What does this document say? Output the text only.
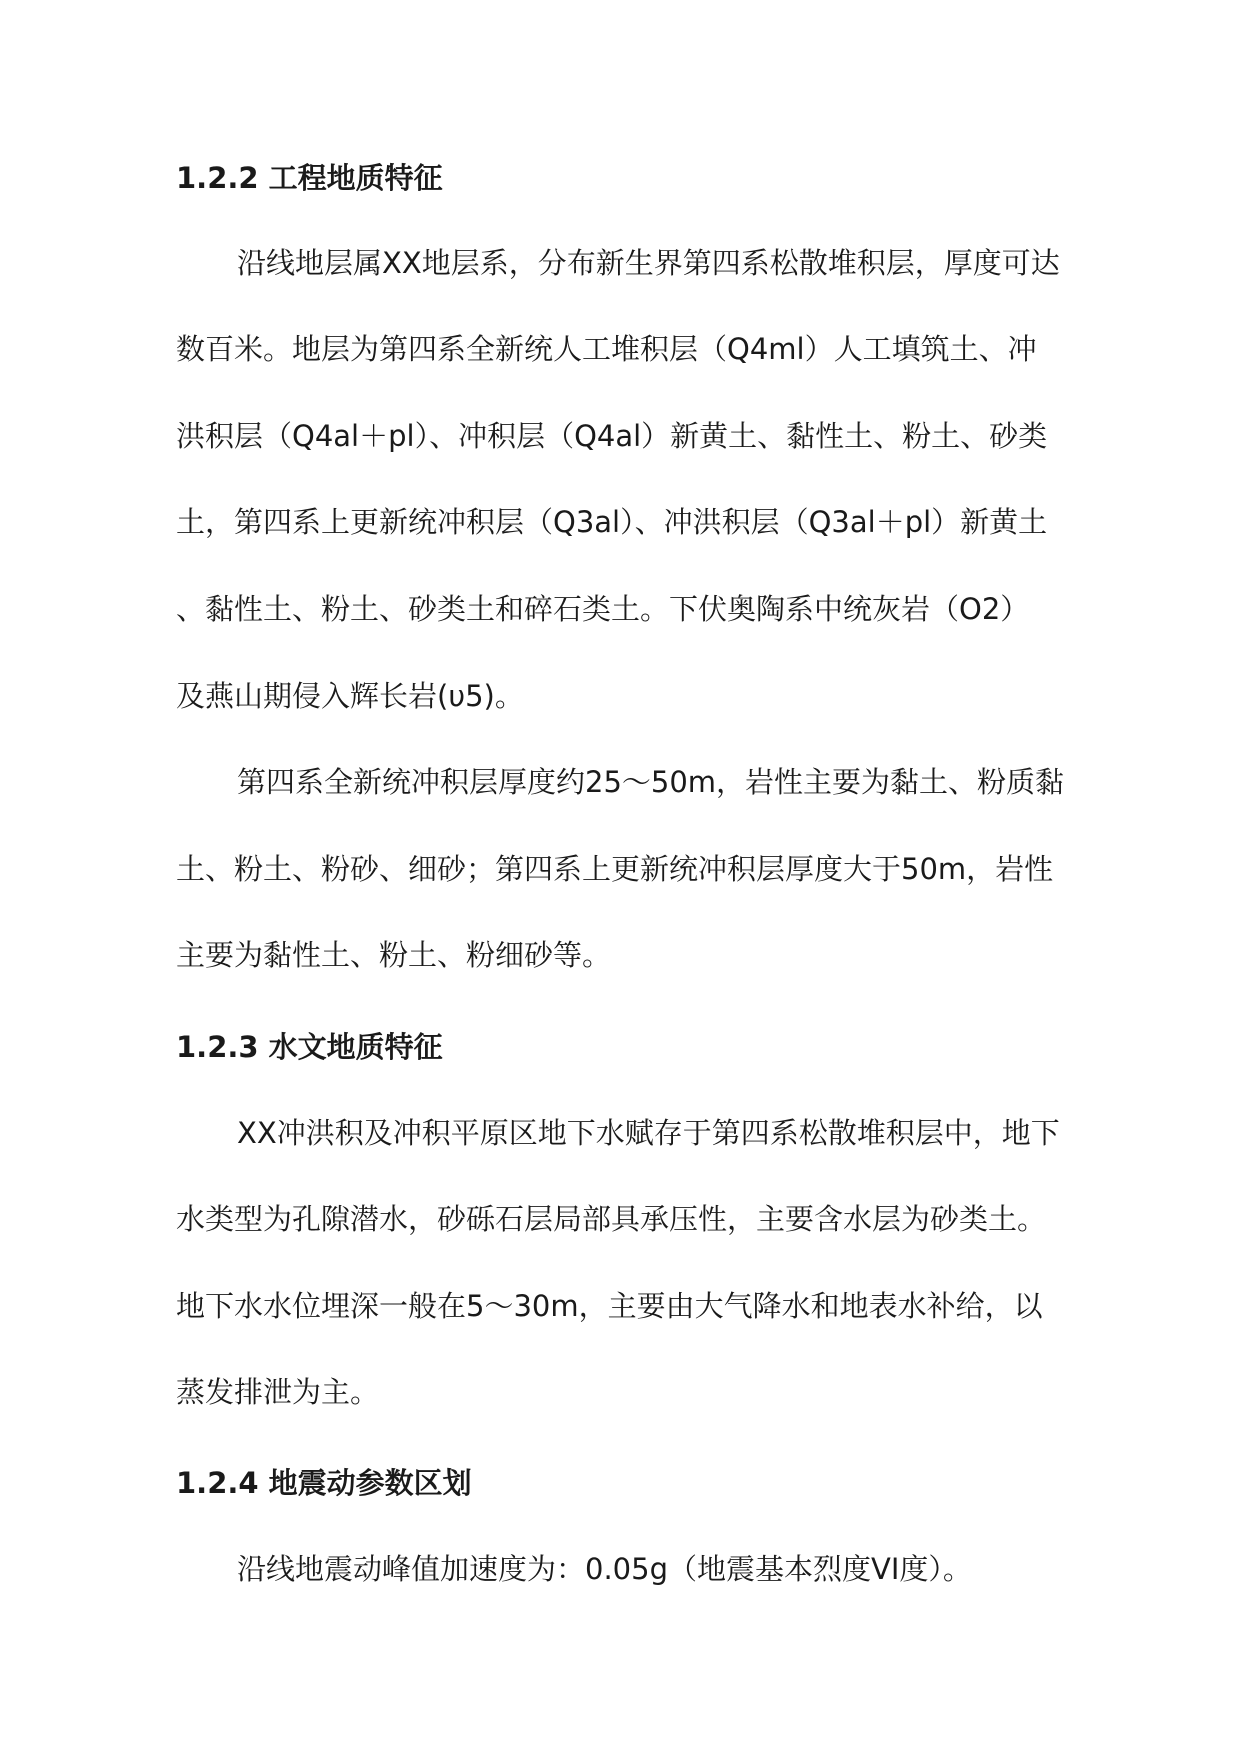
1.2.2 工程地质特征

沿线地层属XX地层系，分布新生界第四系松散堆积层，厚度可达

数百米。地层为第四系全新统人工堆积层（Q4ml）人工填筑土、冲

洪积层（Q4al＋pl）、冲积层（Q4al）新黄土、黏性土、粉土、砂类

土，第四系上更新统冲积层（Q3al）、冲洪积层（Q3al＋pl）新黄土

、黏性土、粉土、砂类土和碎石类土。下伏奥陶系中统灰岩（O2）

及燕山期侵入辉长岩(υ5)。

第四系全新统冲积层厚度约25～50m，岩性主要为黏土、粉质黏

土、粉土、粉砂、细砂；第四系上更新统冲积层厚度大于50m，岩性

主要为黏性土、粉土、粉细砂等。

1.2.3 水文地质特征

XX冲洪积及冲积平原区地下水赋存于第四系松散堆积层中，地下

水类型为孔隙潜水，砂砾石层局部具承压性，主要含水层为砂类土。

地下水水位埋深一般在5～30m，主要由大气降水和地表水补给，以

蒸发排泄为主。

1.2.4 地震动参数区划

沿线地震动峰值加速度为：0.05g（地震基本烈度VI度）。
